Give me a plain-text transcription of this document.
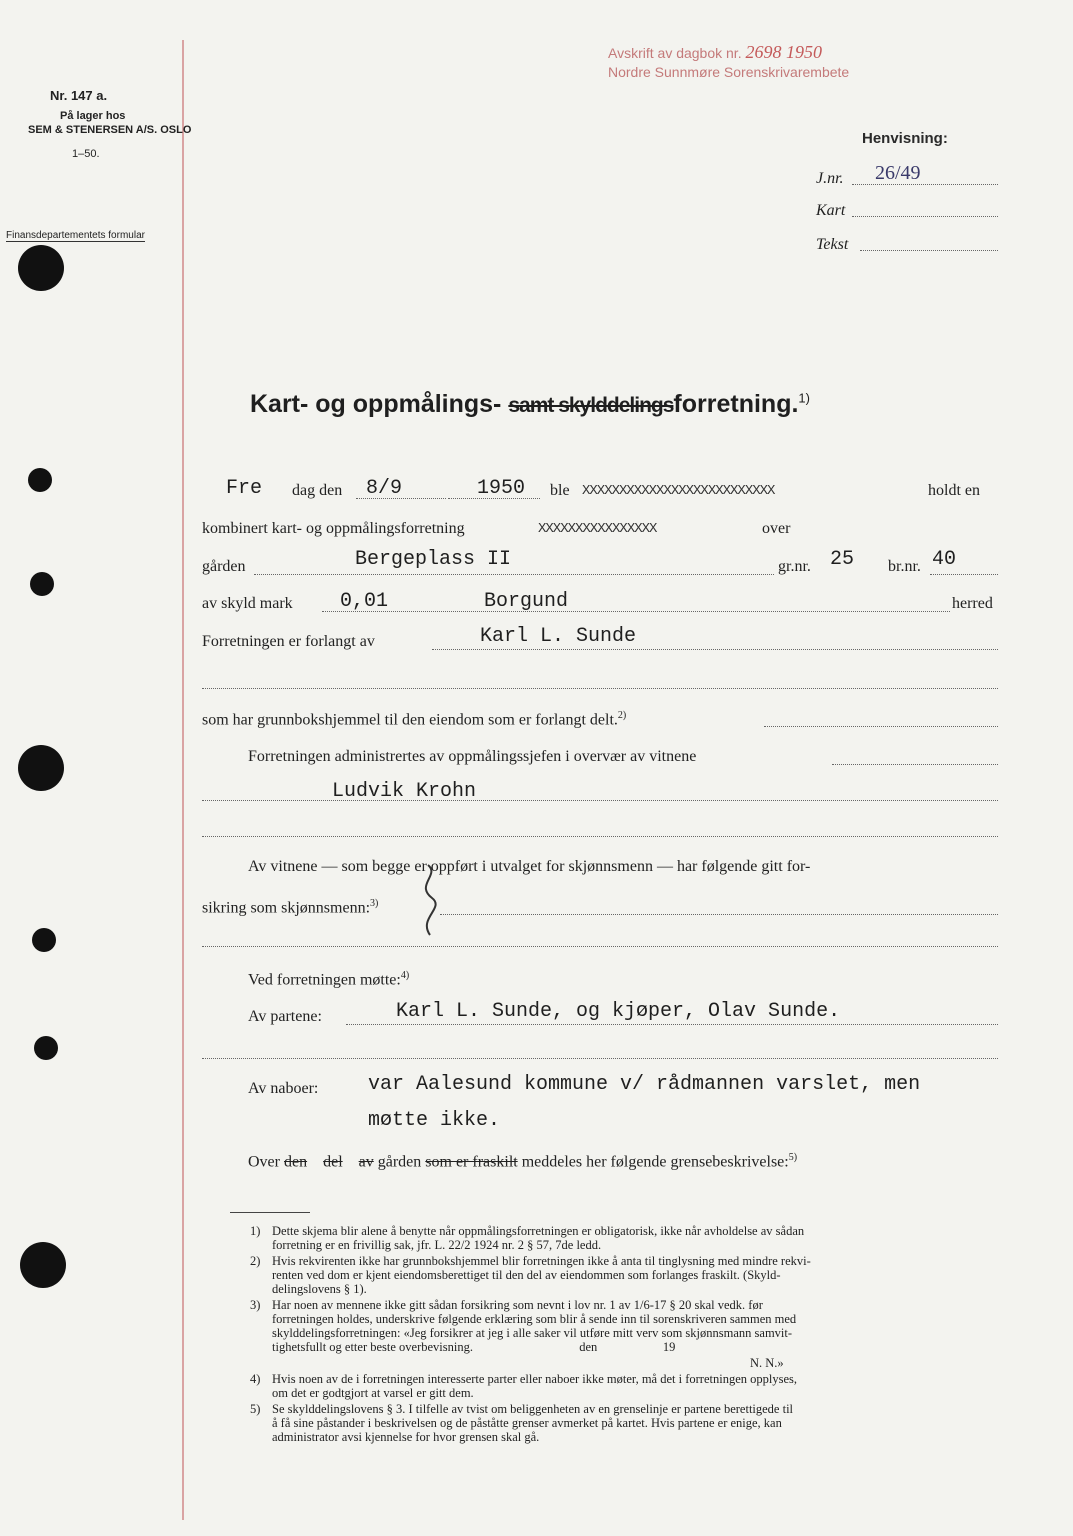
Avskrift av dagbok nr. 2698 1950
Nordre Sunnmøre Sorenskrivarembete
Nr. 147 a.
På lager hos
SEM & STENERSEN A/S. OSLO
1–50.
Finansdepartementets formular
Henvisning:
J.nr. 26/49
Kart
Tekst
Kart- og oppmålings- samt skylddelingsforretning.$^{1)}$
Fre dag den 8/9	1950 ble XXXXXXXXXXXXXXXXXXXXXXXXXX	holdt en
kombinert kart- og oppmålingsforretning	XXXXXXXXXXXXXXXX	over
gården	Bergeplass II	gr.nr. 25 br.nr. 40
av skyld mark 0,01	Borgund	herred
Forretningen er forlangt av	Karl L. Sunde
som har grunnbokshjemmel til den eiendom som er forlangt delt.$^{2)}$
Forretningen administrertes av oppmålingssjefen i overvær av vitnene
Ludvik Krohn
Av vitnene — som begge er oppført i utvalget for skjønnsmenn — har følgende gitt for-
sikring som skjønnsmenn:$^{3)}$
Ved forretningen møtte:$^{4)}$
Av partene:	Karl L. Sunde, og kjøper, Olav Sunde.
Av naboer: var Aalesund kommune v/ rådmannen varslet, men
møtte ikke.
Over den del av gården som er fraskilt meddeles her følgende grensebeskrivelse:$^{5)}$
1) Dette skjema blir alene å benytte når oppmålingsforretningen er obligatorisk, ikke når avholdelse av sådan
forretning er en frivillig sak, jfr. L. 22/2 1924 nr. 2 § 57, 7de ledd.
2) Hvis rekvirenten ikke har grunnbokshjemmel blir forretningen ikke å anta til tinglysning med mindre rekvi-
renten ved dom er kjent eiendomsberettiget til den del av eiendommen som forlanges fraskilt. (Skyld-
delingslovens § 1).
3) Har noen av mennene ikke gitt sådan forsikring som nevnt i lov nr. 1 av 1/6-17 § 20 skal vedk. før
forretningen holdes, underskrive følgende erklæring som blir å sende inn til sorenskriveren sammen med
skylddelingsforretningen: «Jeg forsikrer at jeg i alle saker vil utføre mitt verv som skjønnsmann samvit-
tighetsfullt og etter beste overbevisning.                                  den                     19
N. N.»
4) Hvis noen av de i forretningen interesserte parter eller naboer ikke møter, må det i forretningen opplyses,
om det er godtgjort at varsel er gitt dem.
5) Se skylddelingslovens § 3. I tilfelle av tvist om beliggenheten av en grenselinje er partene berettigede til
å få sine påstander i beskrivelsen og de påståtte grenser avmerket på kartet. Hvis partene er enige, kan
administrator avsi kjennelse for hvor grensen skal gå.
